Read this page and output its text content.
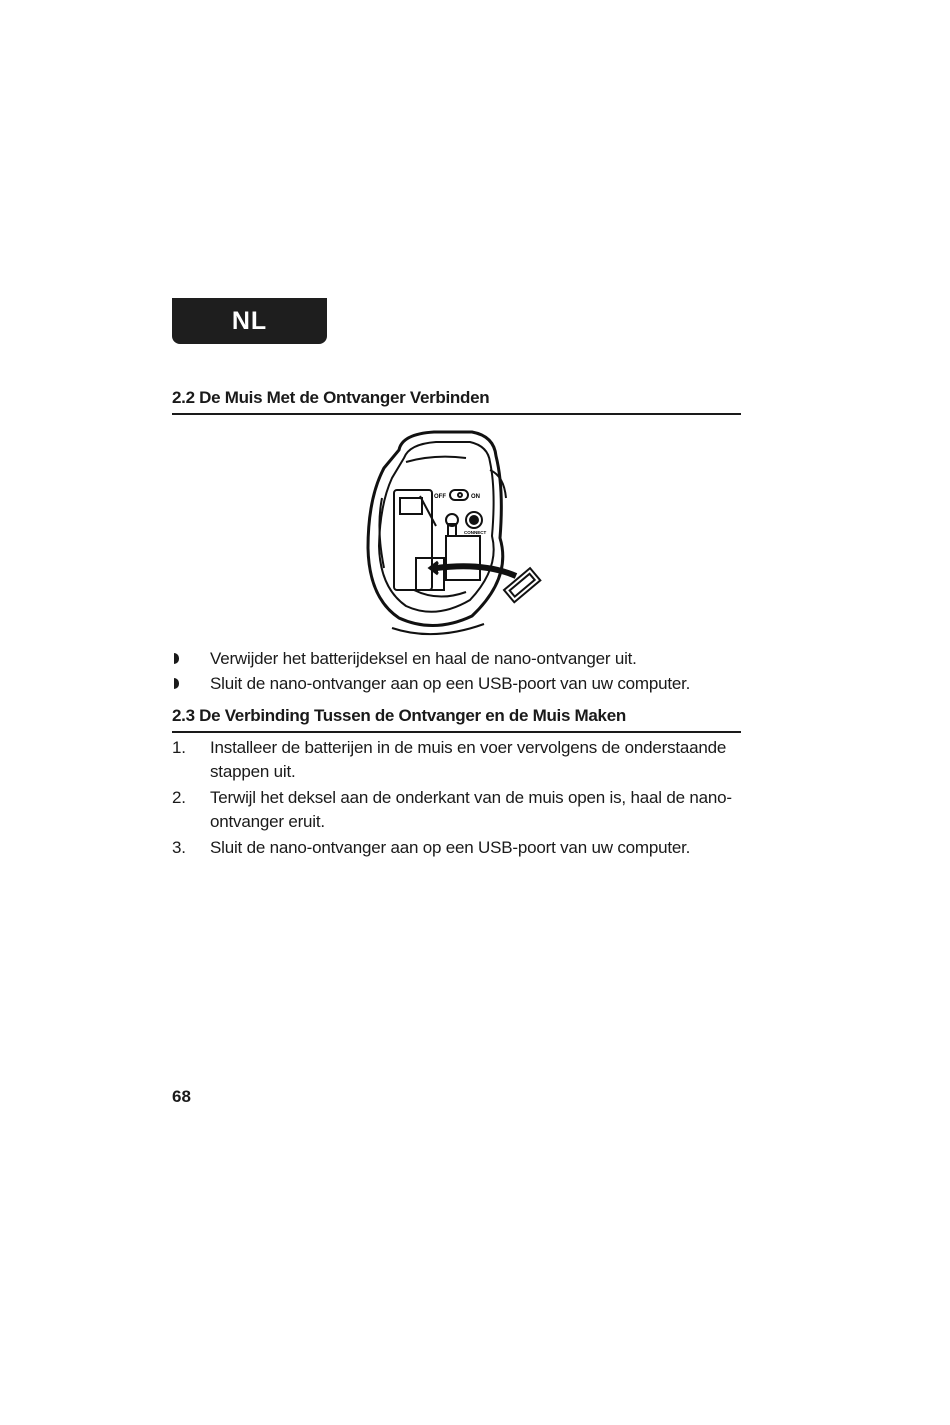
NL
2.2 De Muis Met de Ontvanger Verbinden
OFF	ON
CONNECT
Verwijder het batterijdeksel en haal de nano-ontvanger uit.
Sluit de nano-ontvanger aan op een USB-poort van uw computer.
2.3 De Verbinding Tussen de Ontvanger en de Muis Maken
1. Installeer de batterijen in de muis en voer vervolgens de onderstaande stappen uit.
2. Terwijl het deksel aan de onderkant van de muis open is, haal de nano-ontvanger eruit.
3. Sluit de nano-ontvanger aan op een USB-poort van uw computer.
68
